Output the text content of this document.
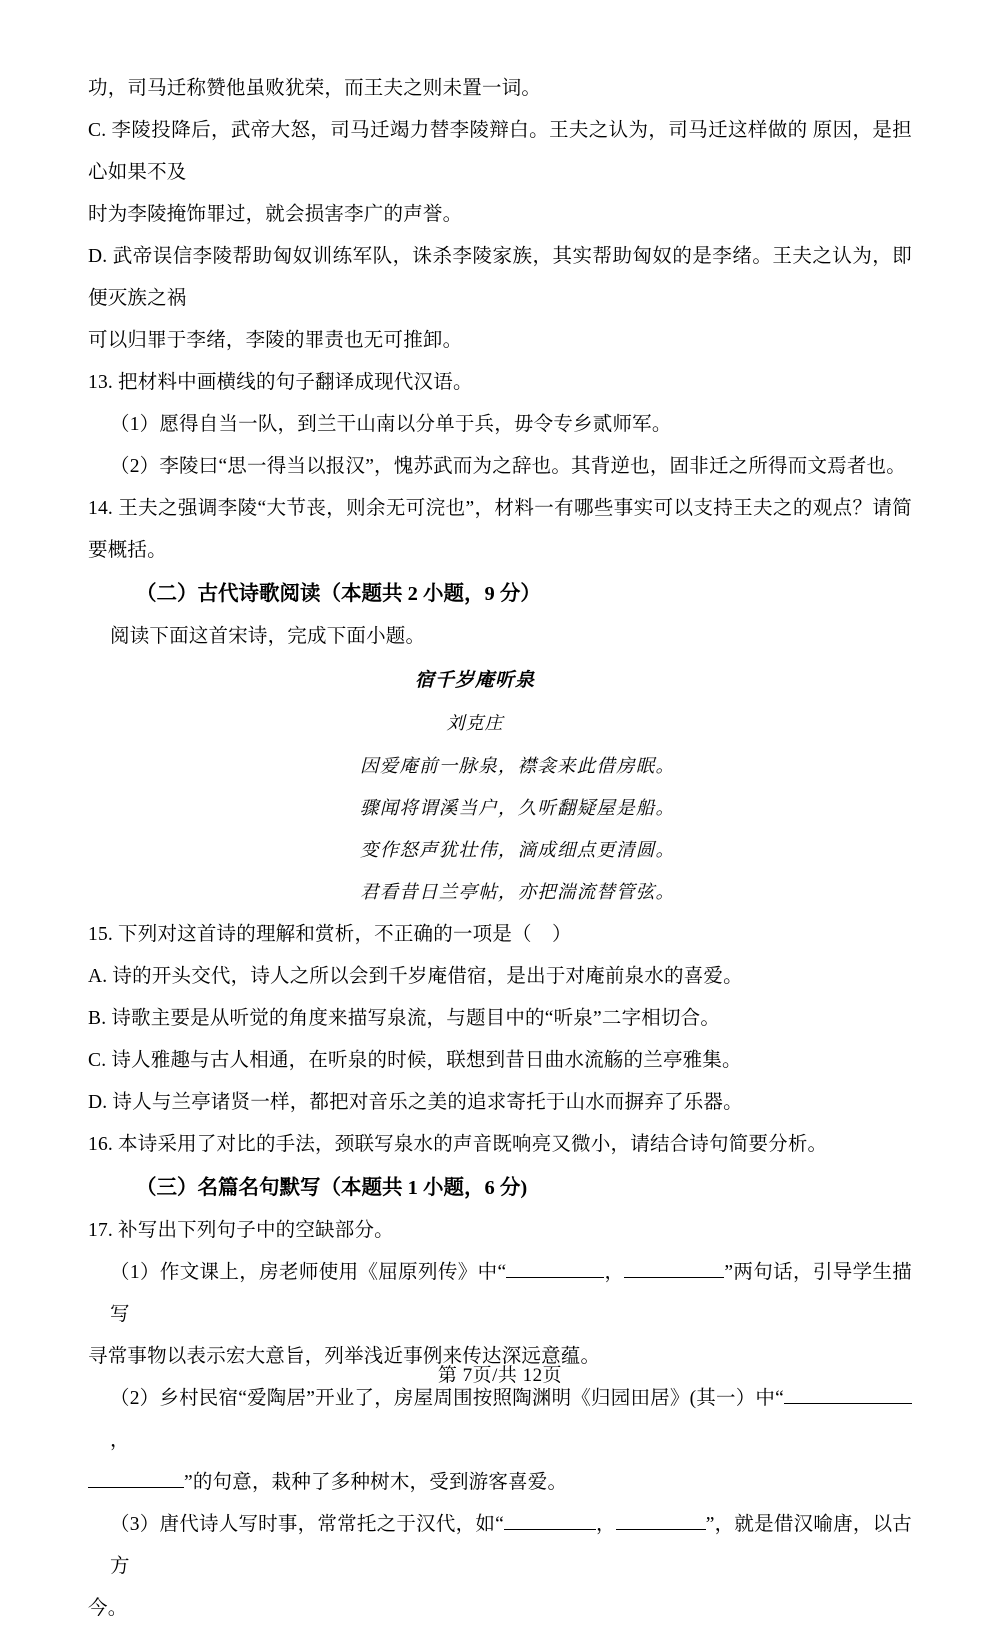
功，司马迁称赞他虽败犹荣，而王夫之则未置一词。

C. 李陵投降后，武帝大怒，司马迁竭力替李陵辩白。王夫之认为，司马迁这样做的 原因，是担心如果不及

时为李陵掩饰罪过，就会损害李广的声誉。

D. 武帝误信李陵帮助匈奴训练军队，诛杀李陵家族，其实帮助匈奴的是李绪。王夫之认为，即便灭族之祸

可以归罪于李绪，李陵的罪责也无可推卸。

13. 把材料中画横线的句子翻译成现代汉语。

（1）愿得自当一队，到兰干山南以分单于兵，毋令专乡贰师军。

（2）李陵曰“思一得当以报汉”，愧苏武而为之辞也。其背逆也，固非迁之所得而文焉者也。

14. 王夫之强调李陵“大节丧，则余无可浣也”，材料一有哪些事实可以支持王夫之的观点？请简要概括。

（二）古代诗歌阅读（本题共 2 小题，9 分）

阅读下面这首宋诗，完成下面小题。

宿千岁庵听泉

刘克庄

因爱庵前一脉泉，襟衾来此借房眠。

骤闻将谓溪当户，久听翻疑屋是船。

变作怒声犹壮伟，滴成细点更清圆。

君看昔日兰亭帖，亦把湍流替管弦。

15. 下列对这首诗的理解和赏析，不正确的一项是（    ）

A. 诗的开头交代，诗人之所以会到千岁庵借宿，是出于对庵前泉水的喜爱。

B. 诗歌主要是从听觉的角度来描写泉流，与题目中的“听泉”二字相切合。

C. 诗人雅趣与古人相通，在听泉的时候，联想到昔日曲水流觞的兰亭雅集。

D. 诗人与兰亭诸贤一样，都把对音乐之美的追求寄托于山水而摒弃了乐器。

16. 本诗采用了对比的手法，颈联写泉水的声音既响亮又微小，请结合诗句简要分析。

（三）名篇名句默写（本题共 1 小题，6 分)

17. 补写出下列句子中的空缺部分。

（1）作文课上，房老师使用《屈原列传》中“	，	”两句话，引导学生描写

寻常事物以表示宏大意旨，列举浅近事例来传达深远意蕴。

（2）乡村民宿“爱陶居”开业了，房屋周围按照陶渊明《归园田居》(其一）中“，

”的句意，栽种了多种树木，受到游客喜爱。

（3）唐代诗人写时事，常常托之于汉代，如“	，	”，就是借汉喻唐，以古方

今。

第 7页/共 12页
